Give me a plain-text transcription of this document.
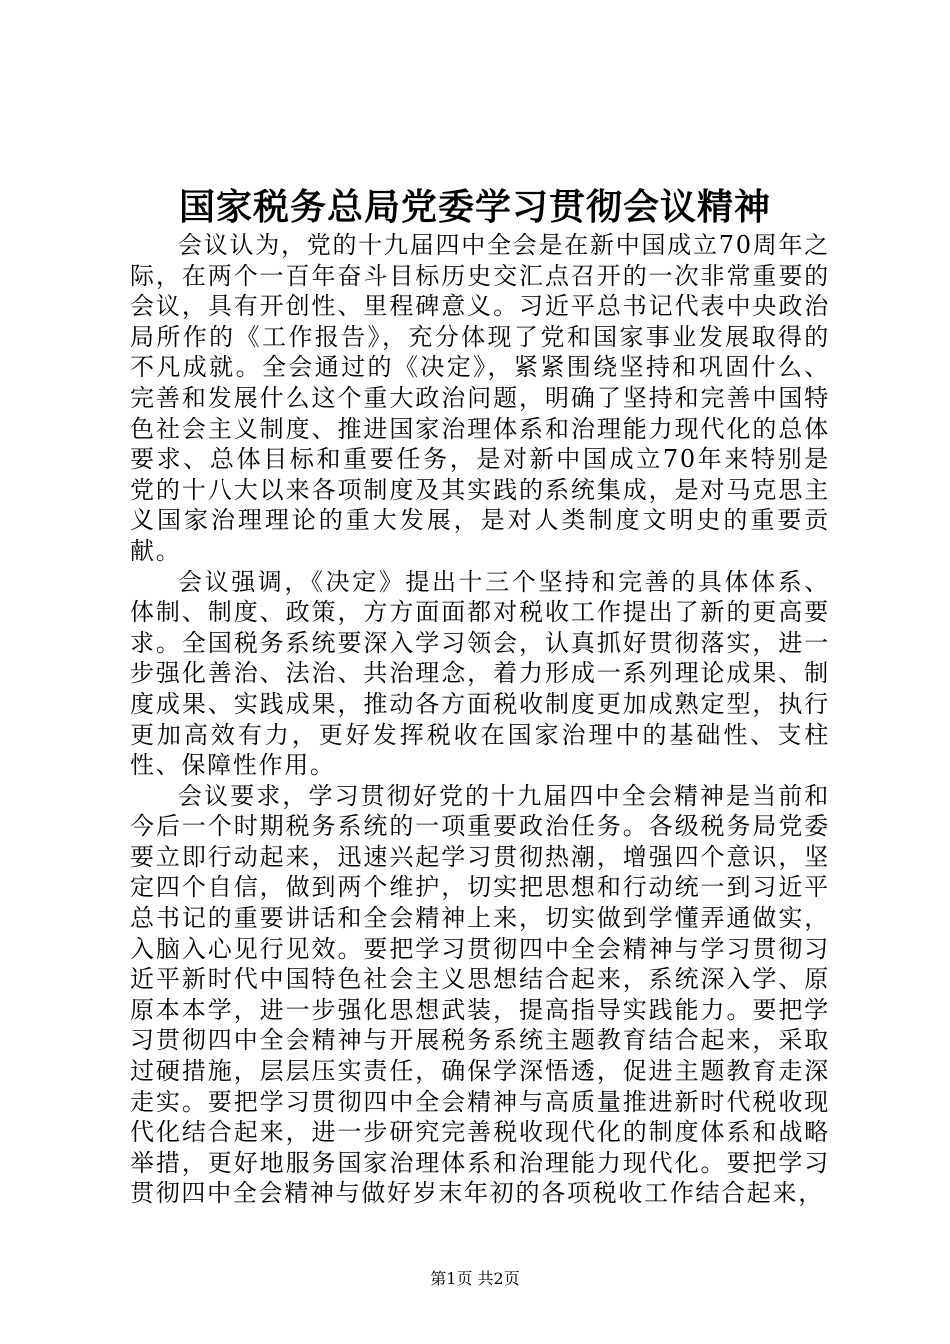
国家税务总局党委学习贯彻会议精神

会议认为，党的十九届四中全会是在新中国成立70周年之际，在两个一百年奋斗目标历史交汇点召开的一次非常重要的会议，具有开创性、里程碑意义。习近平总书记代表中央政治局所作的《工作报告》，充分体现了党和国家事业发展取得的不凡成就。全会通过的《决定》，紧紧围绕坚持和巩固什么、完善和发展什么这个重大政治问题，明确了坚持和完善中国特色社会主义制度、推进国家治理体系和治理能力现代化的总体要求、总体目标和重要任务，是对新中国成立70年来特别是党的十八大以来各项制度及其实践的系统集成，是对马克思主义国家治理理论的重大发展，是对人类制度文明史的重要贡献。

会议强调，《决定》提出十三个坚持和完善的具体体系、体制、制度、政策，方方面面都对税收工作提出了新的更高要求。全国税务系统要深入学习领会，认真抓好贯彻落实，进一步强化善治、法治、共治理念，着力形成一系列理论成果、制度成果、实践成果，推动各方面税收制度更加成熟定型，执行更加高效有力，更好发挥税收在国家治理中的基础性、支柱性、保障性作用。

会议要求，学习贯彻好党的十九届四中全会精神是当前和今后一个时期税务系统的一项重要政治任务。各级税务局党委要立即行动起来，迅速兴起学习贯彻热潮，增强四个意识，坚定四个自信，做到两个维护，切实把思想和行动统一到习近平总书记的重要讲话和全会精神上来，切实做到学懂弄通做实，入脑入心见行见效。要把学习贯彻四中全会精神与学习贯彻习近平新时代中国特色社会主义思想结合起来，系统深入学、原原本本学，进一步强化思想武装，提高指导实践能力。要把学习贯彻四中全会精神与开展税务系统主题教育结合起来，采取过硬措施，层层压实责任，确保学深悟透，促进主题教育走深走实。要把学习贯彻四中全会精神与高质量推进新时代税收现代化结合起来，进一步研究完善税收现代化的制度体系和战略举措，更好地服务国家治理体系和治理能力现代化。要把学习贯彻四中全会精神与做好岁末年初的各项税收工作结合起来，

第1页 共2页
